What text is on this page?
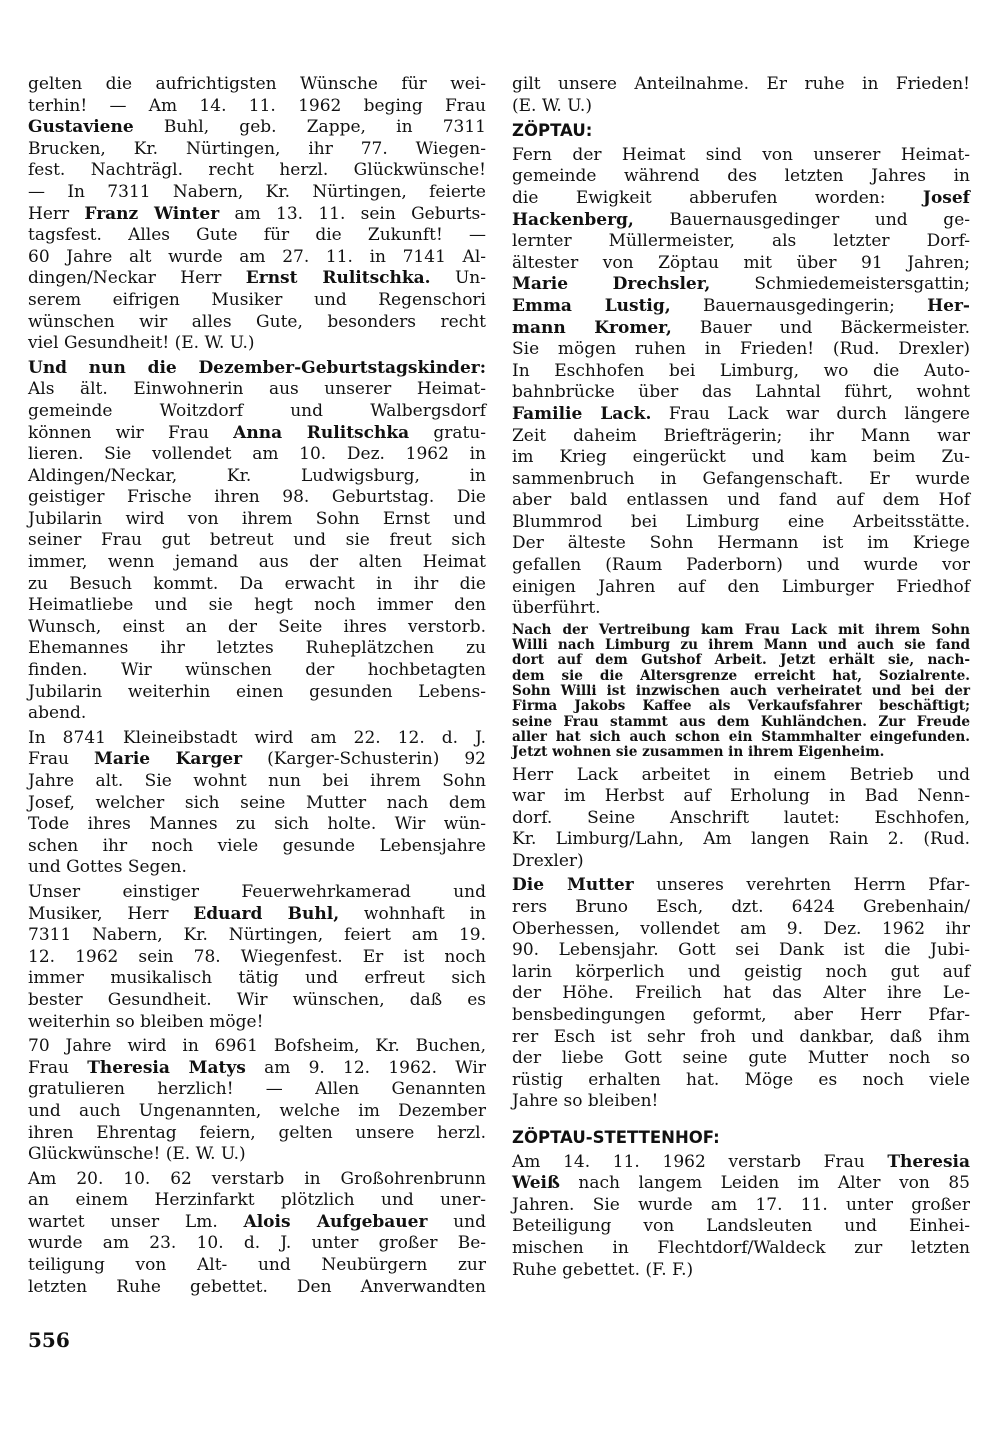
gelten die aufrichtigsten Wünsche für wei-
terhin! — Am 14. 11. 1962 beging Frau
Gustaviene Buhl, geb. Zappe, in 7311
Brucken, Kr. Nürtingen, ihr 77. Wiegen-
fest. Nachträgl. recht herzl. Glückwünsche!
— In 7311 Nabern, Kr. Nürtingen, feierte
Herr Franz Winter am 13. 11. sein Geburts-
tagsfest. Alles Gute für die Zukunft! —
60 Jahre alt wurde am 27. 11. in 7141 Al-
dingen/Neckar Herr Ernst Rulitschka. Un-
serem eifrigen Musiker und Regenschori
wünschen wir alles Gute, besonders recht
viel Gesundheit! (E. W. U.)
Und nun die Dezember-Geburtstagskinder:
Als ält. Einwohnerin aus unserer Heimat-
gemeinde Woitzdorf und Walbergsdorf
können wir Frau Anna Rulitschka gratu-
lieren. Sie vollendet am 10. Dez. 1962 in
Aldingen/Neckar, Kr. Ludwigsburg, in
geistiger Frische ihren 98. Geburtstag. Die
Jubilarin wird von ihrem Sohn Ernst und
seiner Frau gut betreut und sie freut sich
immer, wenn jemand aus der alten Heimat
zu Besuch kommt. Da erwacht in ihr die
Heimatliebe und sie hegt noch immer den
Wunsch, einst an der Seite ihres verstorb.
Ehemannes ihr letztes Ruheplätzchen zu
finden. Wir wünschen der hochbetagten
Jubilarin weiterhin einen gesunden Lebens-
abend.
In 8741 Kleineibstadt wird am 22. 12. d. J.
Frau Marie Karger (Karger-Schusterin) 92
Jahre alt. Sie wohnt nun bei ihrem Sohn
Josef, welcher sich seine Mutter nach dem
Tode ihres Mannes zu sich holte. Wir wün-
schen ihr noch viele gesunde Lebensjahre
und Gottes Segen.
Unser einstiger Feuerwehrkamerad und
Musiker, Herr Eduard Buhl, wohnhaft in
7311 Nabern, Kr. Nürtingen, feiert am 19.
12. 1962 sein 78. Wiegenfest. Er ist noch
immer musikalisch tätig und erfreut sich
bester Gesundheit. Wir wünschen, daß es
weiterhin so bleiben möge!
70 Jahre wird in 6961 Bofsheim, Kr. Buchen,
Frau Theresia Matys am 9. 12. 1962. Wir
gratulieren herzlich! — Allen Genannten
und auch Ungenannten, welche im Dezember
ihren Ehrentag feiern, gelten unsere herzl.
Glückwünsche! (E. W. U.)
Am 20. 10. 62 verstarb in Großohrenbrunn
an einem Herzinfarkt plötzlich und uner-
wartet unser Lm. Alois Aufgebauer und
wurde am 23. 10. d. J. unter großer Be-
teiligung von Alt- und Neubürgern zur
letzten Ruhe gebettet. Den Anverwandten
gilt unsere Anteilnahme. Er ruhe in Frieden!
(E. W. U.)
ZÖPTAU:
Fern der Heimat sind von unserer Heimat-
gemeinde während des letzten Jahres in
die Ewigkeit abberufen worden: Josef
Hackenberg, Bauernausgedinger und ge-
lernter Müllermeister, als letzter Dorf-
ältester von Zöptau mit über 91 Jahren;
Marie Drechsler, Schmiedemeistersgattin;
Emma Lustig, Bauernausgedingerin; Her-
mann Kromer, Bauer und Bäckermeister.
Sie mögen ruhen in Frieden! (Rud. Drexler)
In Eschhofen bei Limburg, wo die Auto-
bahnbrücke über das Lahntal führt, wohnt
Familie Lack. Frau Lack war durch längere
Zeit daheim Briefträgerin; ihr Mann war
im Krieg eingerückt und kam beim Zu-
sammenbruch in Gefangenschaft. Er wurde
aber bald entlassen und fand auf dem Hof
Blummrod bei Limburg eine Arbeitsstätte.
Der älteste Sohn Hermann ist im Kriege
gefallen (Raum Paderborn) und wurde vor
einigen Jahren auf den Limburger Friedhof
überführt.
Nach der Vertreibung kam Frau Lack mit ihrem Sohn
Willi nach Limburg zu ihrem Mann und auch sie fand
dort auf dem Gutshof Arbeit. Jetzt erhält sie, nach-
dem sie die Altersgrenze erreicht hat, Sozialrente.
Sohn Willi ist inzwischen auch verheiratet und bei der
Firma Jakobs Kaffee als Verkaufsfahrer beschäftigt;
seine Frau stammt aus dem Kuhländchen. Zur Freude
aller hat sich auch schon ein Stammhalter eingefunden.
Jetzt wohnen sie zusammen in ihrem Eigenheim.
Herr Lack arbeitet in einem Betrieb und
war im Herbst auf Erholung in Bad Nenn-
dorf. Seine Anschrift lautet: Eschhofen,
Kr. Limburg/Lahn, Am langen Rain 2. (Rud.
Drexler)
Die Mutter unseres verehrten Herrn Pfar-
rers Bruno Esch, dzt. 6424 Grebenhain/
Oberhessen, vollendet am 9. Dez. 1962 ihr
90. Lebensjahr. Gott sei Dank ist die Jubi-
larin körperlich und geistig noch gut auf
der Höhe. Freilich hat das Alter ihre Le-
bensbedingungen geformt, aber Herr Pfar-
rer Esch ist sehr froh und dankbar, daß ihm
der liebe Gott seine gute Mutter noch so
rüstig erhalten hat. Möge es noch viele
Jahre so bleiben!
ZÖPTAU-STETTENHOF:
Am 14. 11. 1962 verstarb Frau Theresia
Weiß nach langem Leiden im Alter von 85
Jahren. Sie wurde am 17. 11. unter großer
Beteiligung von Landsleuten und Einhei-
mischen in Flechtdorf/Waldeck zur letzten
Ruhe gebettet. (F. F.)
556
